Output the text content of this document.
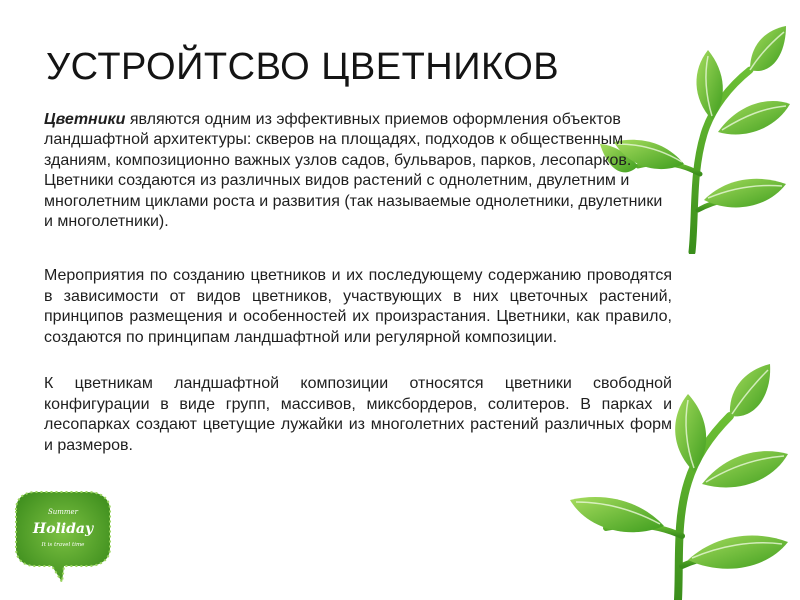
Summer
Holiday
It is travel time
УСТРОЙТСВО ЦВЕТНИКОВ

Цветники являются одним из эффективных приемов оформления объектов ландшафтной архитектуры: скверов на площадях, подходов к общественным зданиям, композиционно важных узлов садов, бульваров, парков, лесопарков. Цветники создаются из различных видов растений с однолетним, двулетним и многолетним циклами роста и развития (так называемые однолетники, двулетники и многолетники).

Мероприятия по созданию цветников и их последующему содержанию проводятся в зависимости от видов цветников, участвующих в них цветочных растений, принципов размещения и особенностей их произрастания. Цветники, как правило, создаются по принципам ландшафтной или регулярной композиции.

К цветникам ландшафтной композиции относятся цветники свободной конфигурации в виде групп, массивов, миксбордеров, солитеров. В парках и лесопарках создают цветущие лужайки из многолетних растений различных форм и размеров.
